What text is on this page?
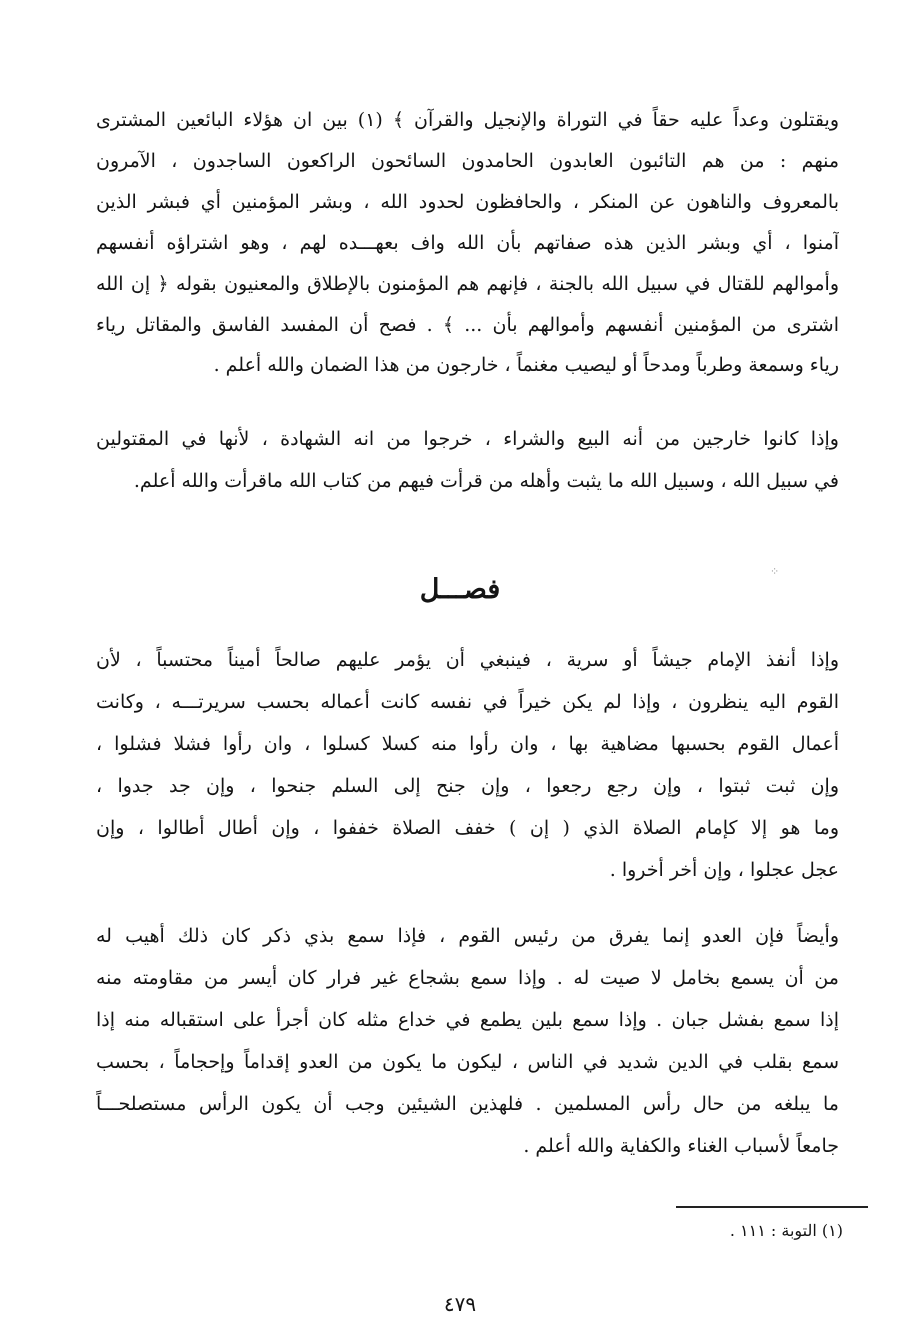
ويقتلون وعداً عليه حقاً في التوراة والإنجيل والقرآن ﴾ (١) بين ان هؤلاء البائعين المشترى
منهم : من هم التائبون العابدون الحامدون السائحون الراكعون الساجدون ، الآمرون
بالمعروف والناهون عن المنكر ، والحافظون لحدود الله ، وبشر المؤمنين أي فبشر الذين
آمنوا ، أي وبشر الذين هذه صفاتهم بأن الله واف بعهـــده لهم ، وهو اشتراؤه أنفسهم
وأموالهم للقتال في سبيل الله بالجنة ، فإنهم هم المؤمنون بالإطلاق والمعنيون بقوله ﴿ إن الله
اشترى من المؤمنين أنفسهم وأموالهم بأن ... ﴾ . فصح أن المفسد الفاسق والمقاتل رياء
رياء وسمعة وطرباً ومدحاً أو ليصيب مغنماً ، خارجون من هذا الضمان والله أعلم .
وإذا كانوا خارجين من أنه البيع والشراء ، خرجوا من انه الشهادة ، لأنها في المقتولين
في سبيل الله ، وسبيل الله ما يثبت وأهله من قرأت فيهم من كتاب الله ماقرأت والله أعلم.
⁘
فصـــل
وإذا أنفذ الإمام جيشاً أو سرية ، فينبغي أن يؤمر عليهم صالحاً أميناً محتسباً ، لأن
القوم اليه ينظرون ، وإذا لم يكن خيراً في نفسه كانت أعماله بحسب سريرتـــه ، وكانت
أعمال القوم بحسبها مضاهية بها ، وان رأوا منه كسلا كسلوا ، وان رأوا فشلا فشلوا ،
وإن ثبت ثبتوا ، وإن رجع رجعوا ، وإن جنح إلى السلم جنحوا ، وإن جد جدوا ،
وما هو إلا كإمام الصلاة الذي ( إن ) خفف الصلاة خففوا ، وإن أطال أطالوا ، وإن
عجل عجلوا ، وإن أخر أخروا .
وأيضاً فإن العدو إنما يفرق من رئيس القوم ، فإذا سمع بذي ذكر كان ذلك أهيب له
من أن يسمع بخامل لا صيت له . وإذا سمع بشجاع غير فرار كان أيسر من مقاومته منه
إذا سمع بفشل جبان . وإذا سمع بلين يطمع في خداع مثله كان أجرأ على استقباله منه إذا
سمع بقلب في الدين شديد في الناس ، ليكون ما يكون من العدو إقداماً وإحجاماً ، بحسب
ما يبلغه من حال رأس المسلمين . فلهذين الشيئين وجب أن يكون الرأس مستصلحـــاً
جامعاً لأسباب الغناء والكفاية والله أعلم .
(١) التوبة : ١١١ .
٤٧٩
